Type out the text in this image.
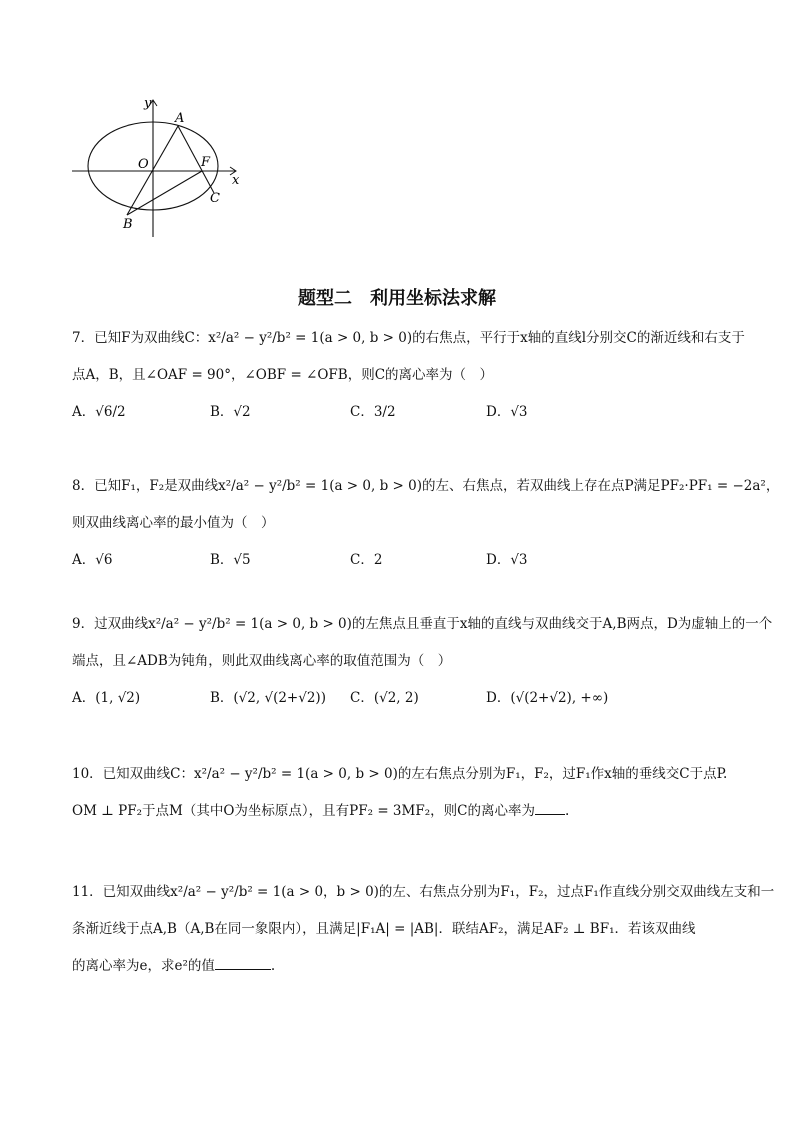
y
A
O	F
x
C
B
题型二　利用坐标法求解
7．已知F为双曲线C：x²/a² − y²/b² = 1(a > 0, b > 0)的右焦点，平行于x轴的直线l分别交C的渐近线和右支于
点A，B，且∠OAF = 90°，∠OBF = ∠OFB，则C的离心率为（　）
A．√6/2	B．√2	C．3/2	D．√3
8．已知F₁，F₂是双曲线x²/a² − y²/b² = 1(a > 0, b > 0)的左、右焦点，若双曲线上存在点P满足PF₂·PF₁ = −2a²，
则双曲线离心率的最小值为（　）
A．√6	B．√5	C．2	D．√3
9．过双曲线x²/a² − y²/b² = 1(a > 0, b > 0)的左焦点且垂直于x轴的直线与双曲线交于A,B两点，D为虚轴上的一个
端点，且∠ADB为钝角，则此双曲线离心率的取值范围为（　）
A．(1, √2)	B．(√2, √(2+√2)) C．(√2, 2)	D．(√(2+√2), +∞)
10．已知双曲线C：x²/a² − y²/b² = 1(a > 0, b > 0)的左右焦点分别为F₁，F₂，过F₁作x轴的垂线交C于点P.
OM ⊥ PF₂于点M（其中O为坐标原点），且有PF₂ = 3MF₂，则C的离心率为 .
11．已知双曲线x²/a² − y²/b² = 1(a > 0，b > 0)的左、右焦点分别为F₁，F₂，过点F₁作直线分别交双曲线左支和一
条渐近线于点A,B（A,B在同一象限内），且满足|F₁A| = |AB|．联结AF₂，满足AF₂ ⊥ BF₁．若该双曲线
的离心率为e，求e²的值	.
